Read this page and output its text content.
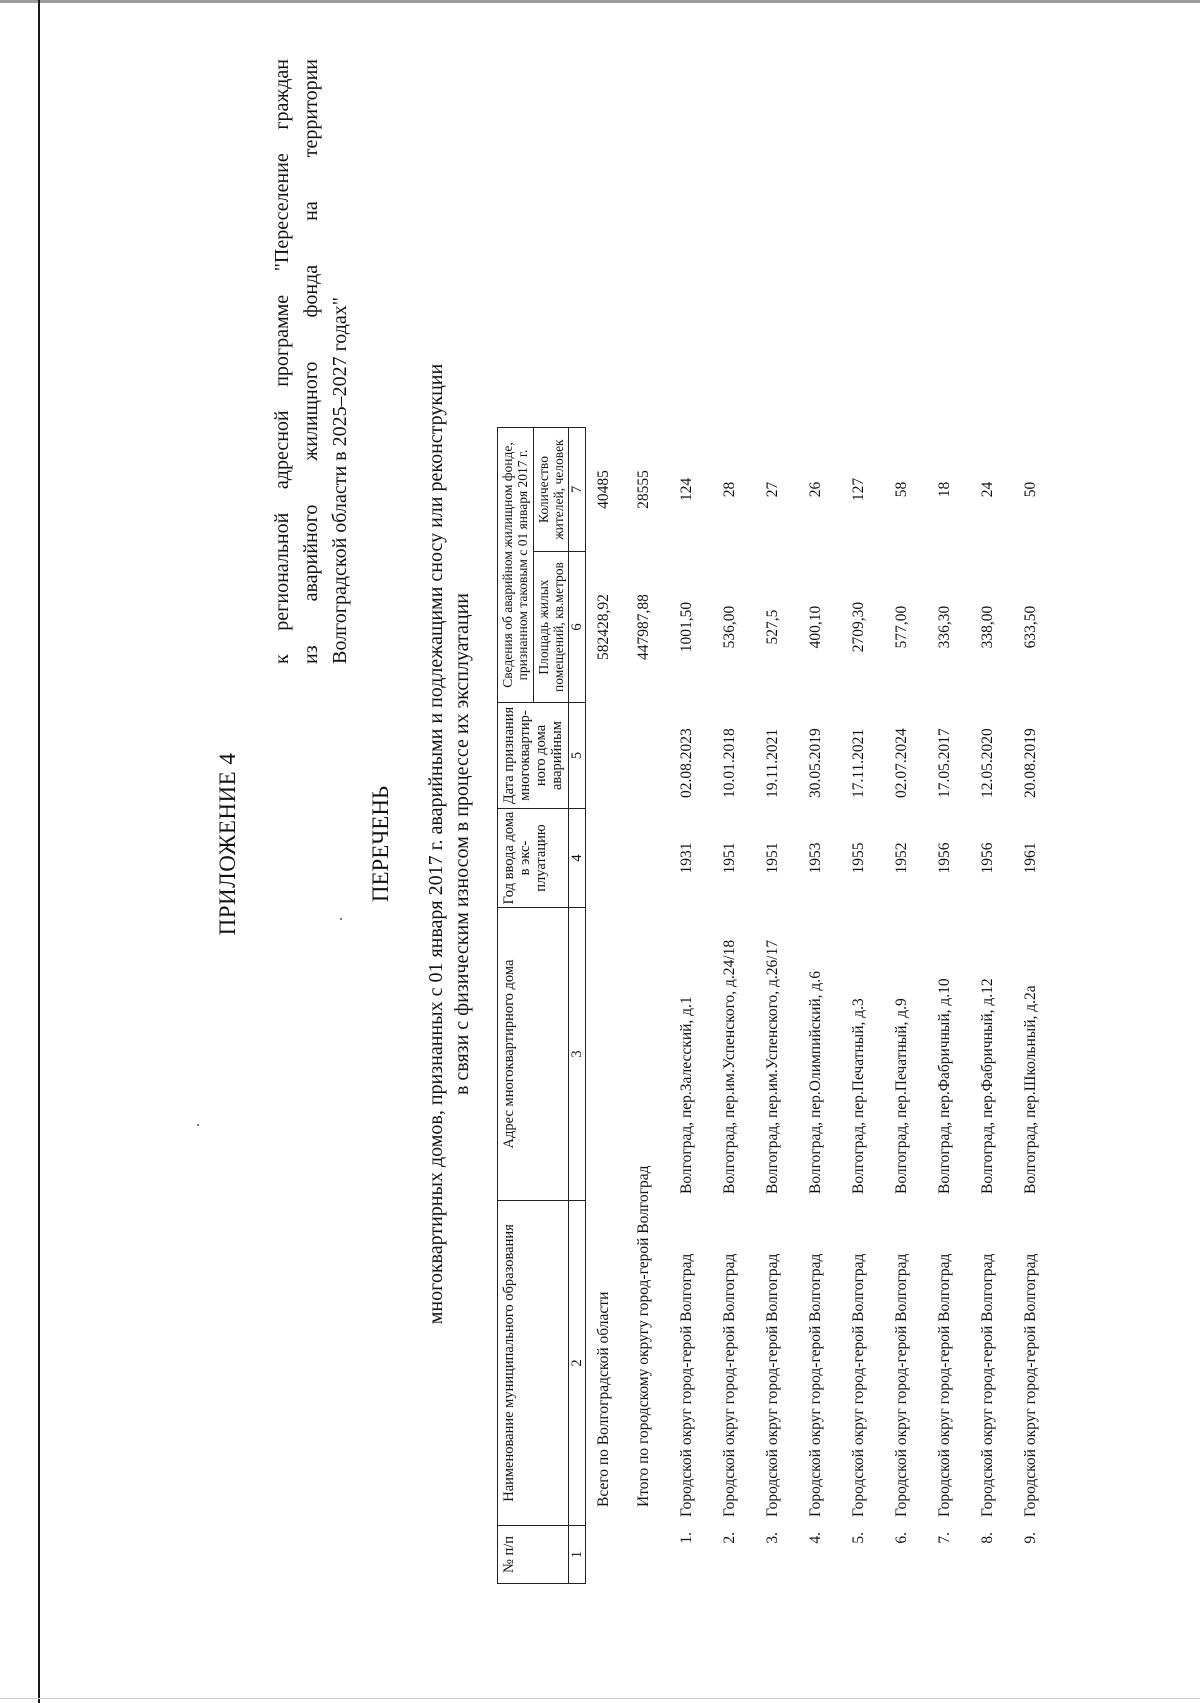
ПРИЛОЖЕНИЕ 4
к региональной адресной программе "Переселение граждан из аварийного жилищного фонда на территории Волгоградской области в 2025–2027 годах"
ПЕРЕЧЕНЬ многоквартирных домов, признанных с 01 января 2017 г. аварийными и подлежащими сносу или реконструкции в связи с физическим износом в процессе их эксплуатации
№ п/п	Наименование муниципального образования	Адрес многоквартирного дома	Год ввода дома в экс- плуатацию	Дата признания многоквартир- ного дома аварийным	Сведения об аварийном жилищном фонде, признанном таковым с 01 января 2017 г.	
					Площадь жилых помещений, кв.метров	Количество жителей, человек
1	2	3	4	5	6	7
	Всего по Волгоградской области				582428,92	40485
	Итого по городскому округу город-герой Волгоград				447987,88	28555
1.	Городской округ город-герой Волгоград	Волгоград, пер.Залесский, д.1	1931	02.08.2023	1001,50	124
2.	Городской округ город-герой Волгоград	Волгоград, пер.им.Успенского, д.24/18	1951	10.01.2018	536,00	28
3.	Городской округ город-герой Волгоград	Волгоград, пер.им.Успенского, д.26/17	1951	19.11.2021	527,5	27
4.	Городской округ город-герой Волгоград	Волгоград, пер.Олимпийский, д.6	1953	30.05.2019	400,10	26
5.	Городской округ город-герой Волгоград	Волгоград, пер.Печатный, д.3	1955	17.11.2021	2709,30	127
6.	Городской округ город-герой Волгоград	Волгоград, пер.Печатный, д.9	1952	02.07.2024	577,00	58
7.	Городской округ город-герой Волгоград	Волгоград, пер.Фабричный, д.10	1956	17.05.2017	336,30	18
8.	Городской округ город-герой Волгоград	Волгоград, пер.Фабричный, д.12	1956	12.05.2020	338,00	24
9.	Городской округ город-герой Волгоград	Волгоград, пер.Школьный, д.2а	1961	20.08.2019	633,50	50
